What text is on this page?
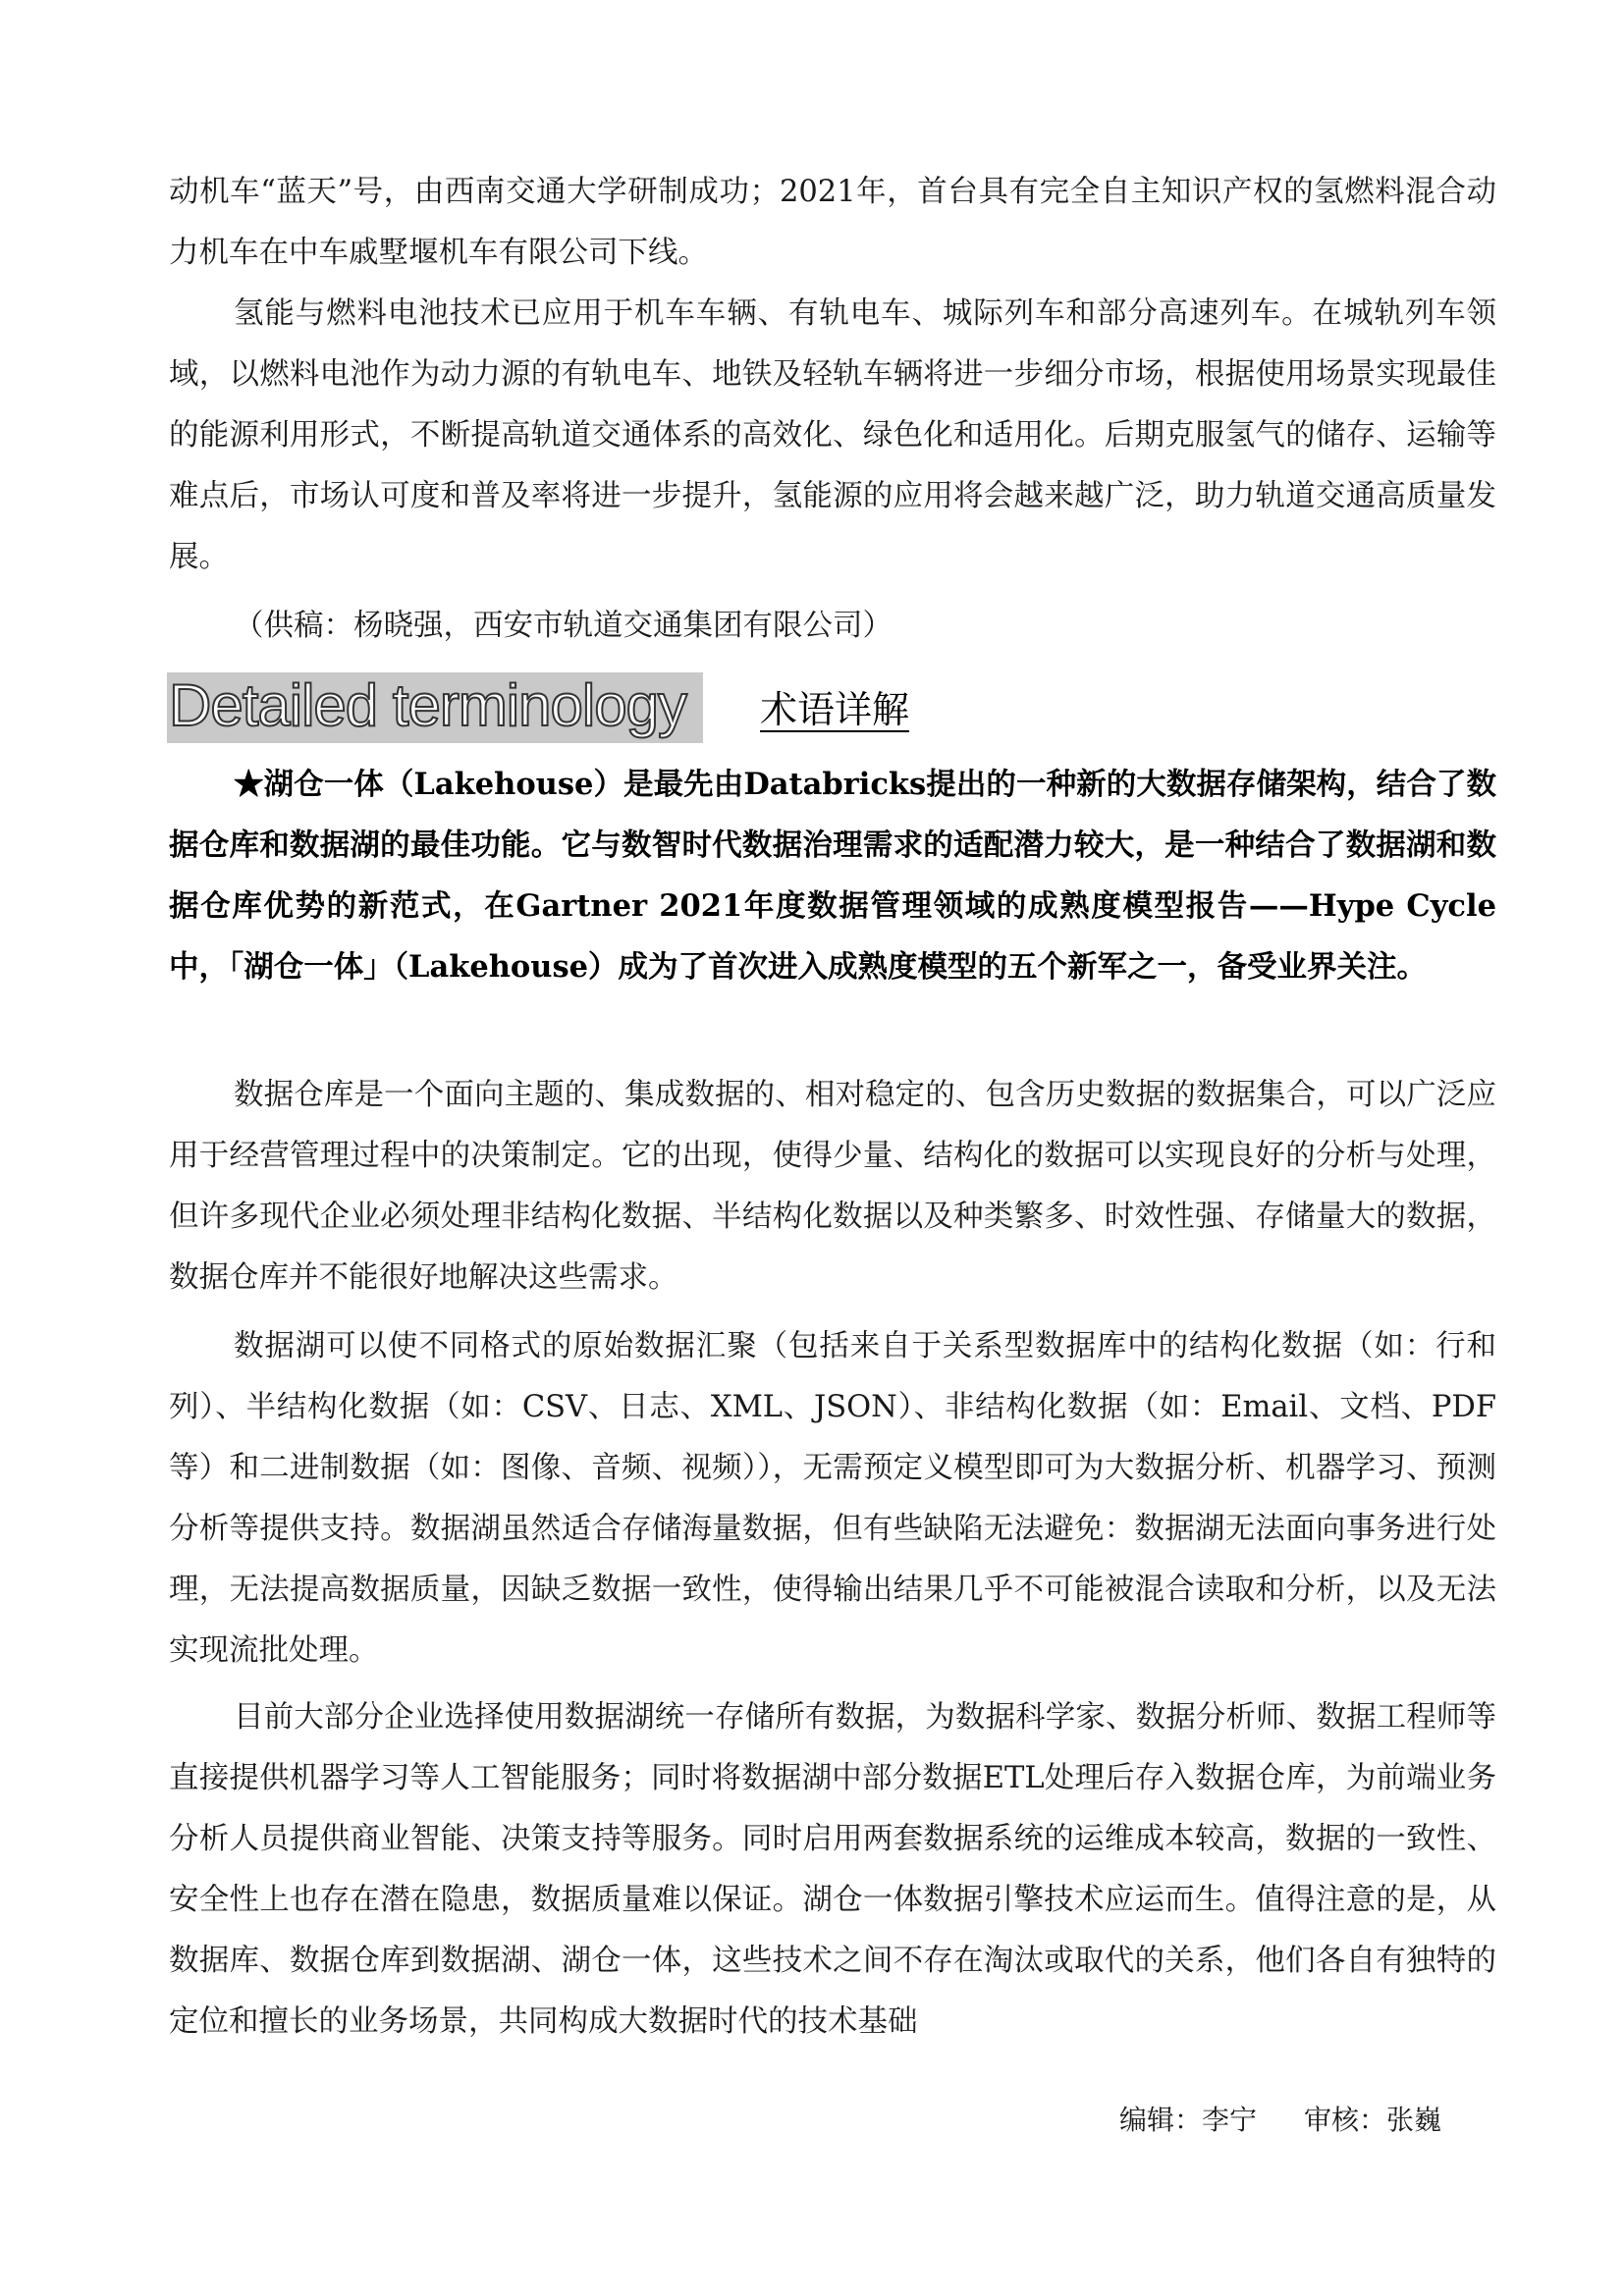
动机车“蓝天”号，由西南交通大学研制成功；2021年，首台具有完全自主知识产权的氢燃料混合动力机车在中车戚墅堰机车有限公司下线。

氢能与燃料电池技术已应用于机车车辆、有轨电车、城际列车和部分高速列车。在城轨列车领域，以燃料电池作为动力源的有轨电车、地铁及轻轨车辆将进一步细分市场，根据使用场景实现最佳的能源利用形式，不断提高轨道交通体系的高效化、绿色化和适用化。后期克服氢气的储存、运输等难点后，市场认可度和普及率将进一步提升，氢能源的应用将会越来越广泛，助力轨道交通高质量发展。

（供稿：杨晓强，西安市轨道交通集团有限公司）

Detailed terminology 术语详解

★湖仓一体（Lakehouse）是最先由Databricks提出的一种新的大数据存储架构，结合了数据仓库和数据湖的最佳功能。它与数智时代数据治理需求的适配潜力较大，是一种结合了数据湖和数据仓库优势的新范式，在Gartner 2021年度数据管理领域的成熟度模型报告——Hype Cycle中，「湖仓一体」（Lakehouse）成为了首次进入成熟度模型的五个新军之一，备受业界关注。

数据仓库是一个面向主题的、集成数据的、相对稳定的、包含历史数据的数据集合，可以广泛应用于经营管理过程中的决策制定。它的出现，使得少量、结构化的数据可以实现良好的分析与处理，但许多现代企业必须处理非结构化数据、半结构化数据以及种类繁多、时效性强、存储量大的数据，数据仓库并不能很好地解决这些需求。

数据湖可以使不同格式的原始数据汇聚（包括来自于关系型数据库中的结构化数据（如：行和列）、半结构化数据（如：CSV、日志、XML、JSON）、非结构化数据（如：Email、文档、PDF等）和二进制数据（如：图像、音频、视频）），无需预定义模型即可为大数据分析、机器学习、预测分析等提供支持。数据湖虽然适合存储海量数据，但有些缺陷无法避免：数据湖无法面向事务进行处理，无法提高数据质量，因缺乏数据一致性，使得输出结果几乎不可能被混合读取和分析，以及无法实现流批处理。

目前大部分企业选择使用数据湖统一存储所有数据，为数据科学家、数据分析师、数据工程师等直接提供机器学习等人工智能服务；同时将数据湖中部分数据ETL处理后存入数据仓库，为前端业务分析人员提供商业智能、决策支持等服务。同时启用两套数据系统的运维成本较高，数据的一致性、安全性上也存在潜在隐患，数据质量难以保证。湖仓一体数据引擎技术应运而生。值得注意的是，从数据库、数据仓库到数据湖、湖仓一体，这些技术之间不存在淘汰或取代的关系，他们各自有独特的定位和擅长的业务场景，共同构成大数据时代的技术基础

编辑：李宁 审核：张巍
